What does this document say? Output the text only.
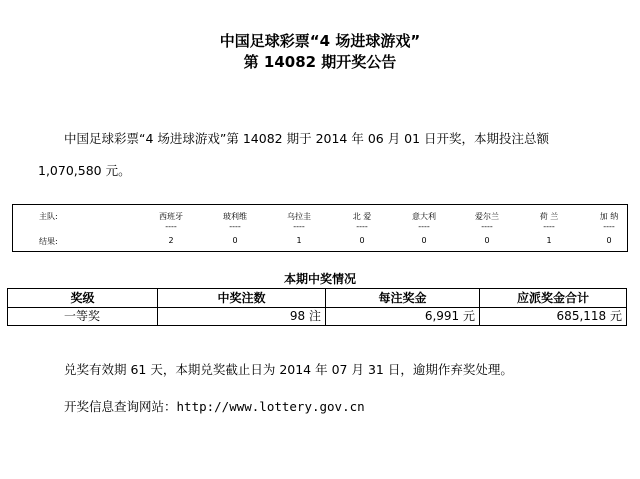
中国足球彩票“4 场进球游戏”
第 14082 期开奖公告
中国足球彩票“4 场进球游戏”第 14082 期于 2014 年 06 月 01 日开奖，本期投注总额
1,070,580 元。
主队:	西班牙	玻利维	乌拉圭	北 爱	意大利	爱尔兰	荷 兰	加 纳
----	----	----	----	----	----	----	----
结果:	2	0	1	0	0	0	1	0
本期中奖情况
奖级	中奖注数	每注奖金	应派奖金合计
一等奖	98 注	6,991 元	685,118 元
兑奖有效期 61 天，本期兑奖截止日为 2014 年 07 月 31 日，逾期作弃奖处理。
开奖信息查询网站：http://www.lottery.gov.cn
